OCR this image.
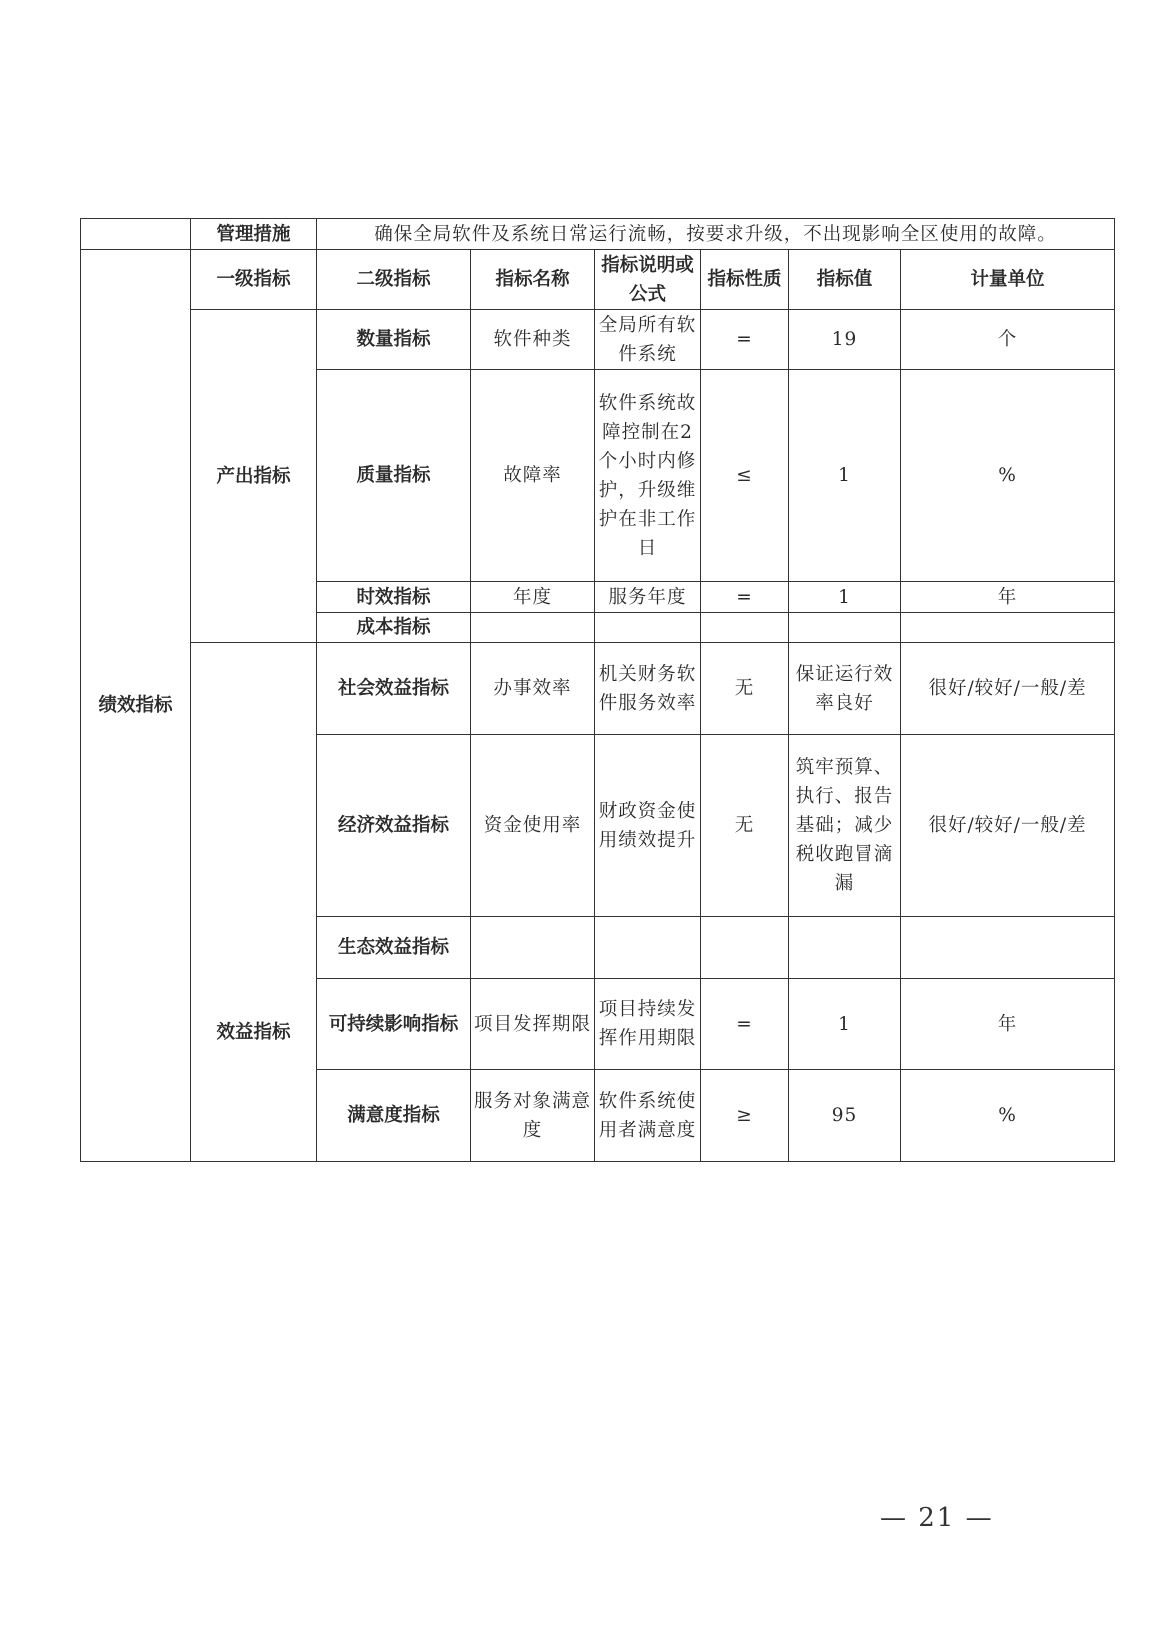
	管理措施	确保全局软件及系统日常运行流畅，按要求升级，不出现影响全区使用的故障。					
绩效指标	一级指标	二级指标	指标名称	指标说明或公式	指标性质	指标值	计量单位
	产出指标	数量指标	软件种类	全局所有软件系统	=	19	个
		质量指标	故障率	软件系统故障控制在2个小时内修护，升级维护在非工作日	≤	1	%
		时效指标	年度	服务年度	=	1	年
		成本指标					
	效益指标	社会效益指标	办事效率	机关财务软件服务效率	无	保证运行效率良好	很好/较好/一般/差
		经济效益指标	资金使用率	财政资金使用绩效提升	无	筑牢预算、执行、报告基础；减少税收跑冒滴漏	很好/较好/一般/差
		生态效益指标					
		可持续影响指标	项目发挥期限	项目持续发挥作用期限	=	1	年
		满意度指标	服务对象满意度	软件系统使用者满意度	≥	95	%
— 21 —
